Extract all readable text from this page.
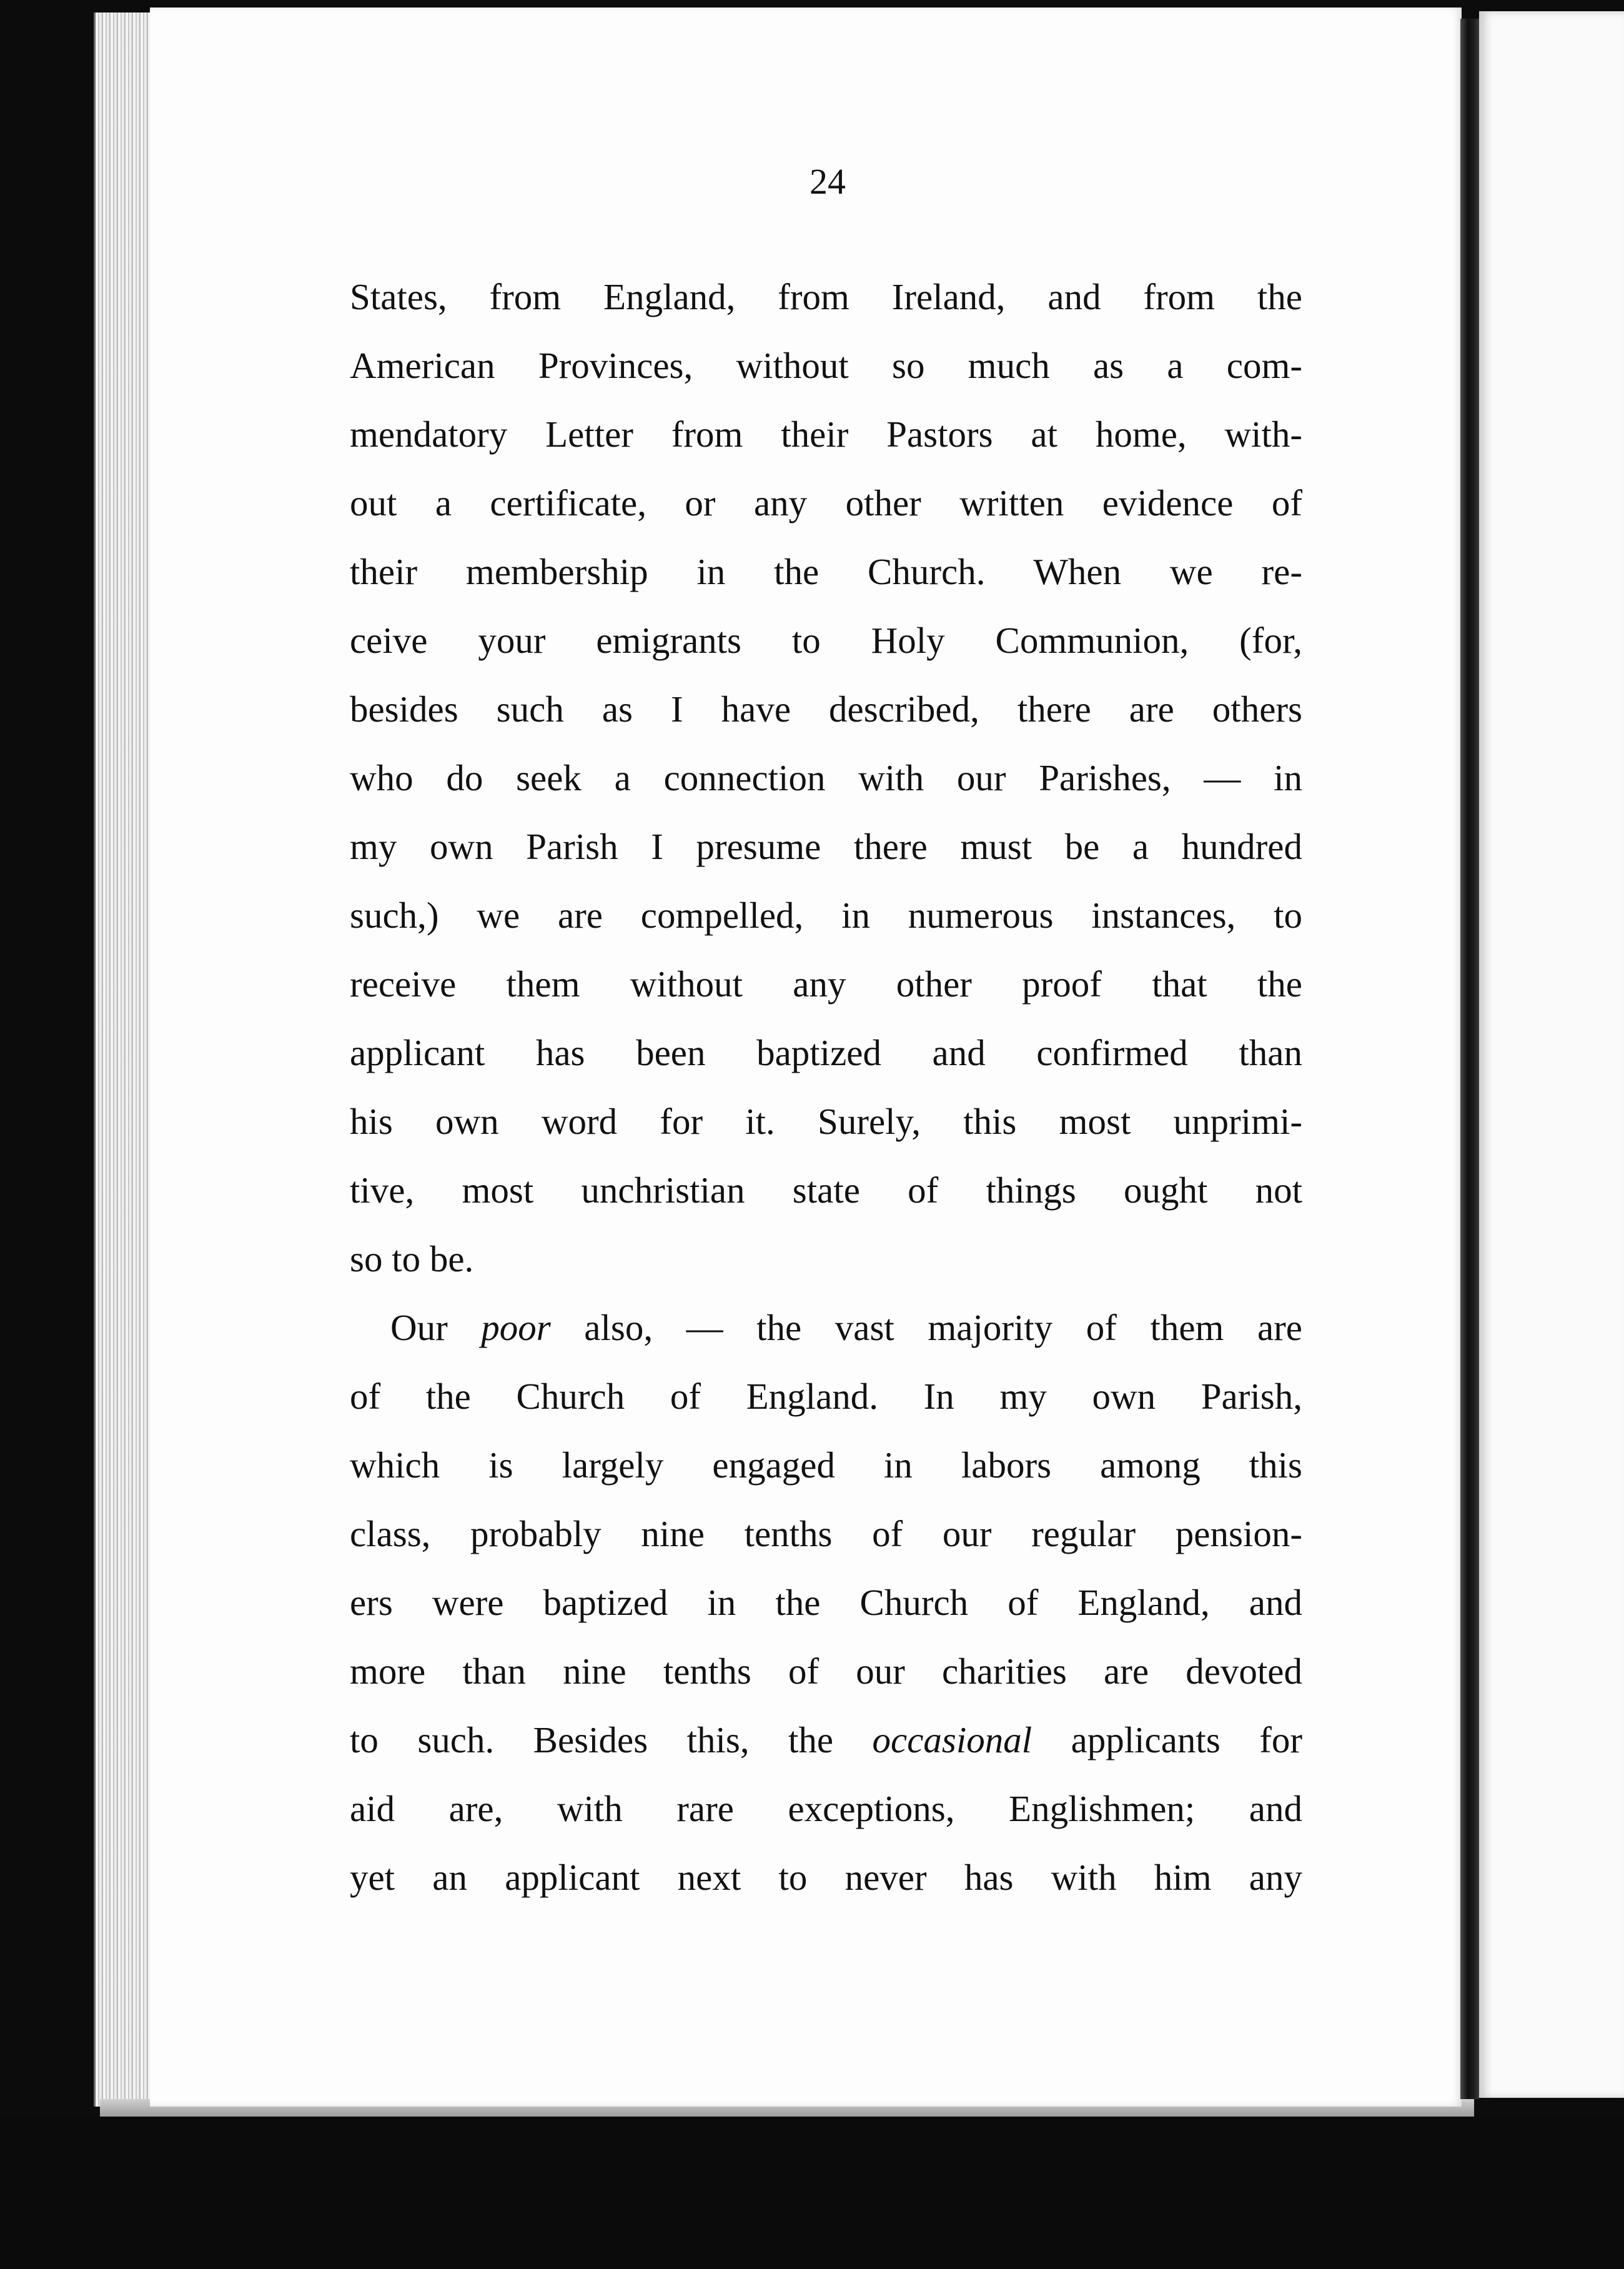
24
States, from England, from Ireland, and from the
American Provinces, without so much as a com-
mendatory Letter from their Pastors at home, with-
out a certificate, or any other written evidence of
their membership in the Church. When we re-
ceive your emigrants to Holy Communion, (for,
besides such as I have described, there are others
who do seek a connection with our Parishes, — in
my own Parish I presume there must be a hundred
such,) we are compelled, in numerous instances, to
receive them without any other proof that the
applicant has been baptized and confirmed than
his own word for it. Surely, this most unprimi-
tive, most unchristian state of things ought not
so to be.
Our poor also, — the vast majority of them are
of the Church of England. In my own Parish,
which is largely engaged in labors among this
class, probably nine tenths of our regular pension-
ers were baptized in the Church of England, and
more than nine tenths of our charities are devoted
to such. Besides this, the occasional applicants for
aid are, with rare exceptions, Englishmen; and
yet an applicant next to never has with him any
